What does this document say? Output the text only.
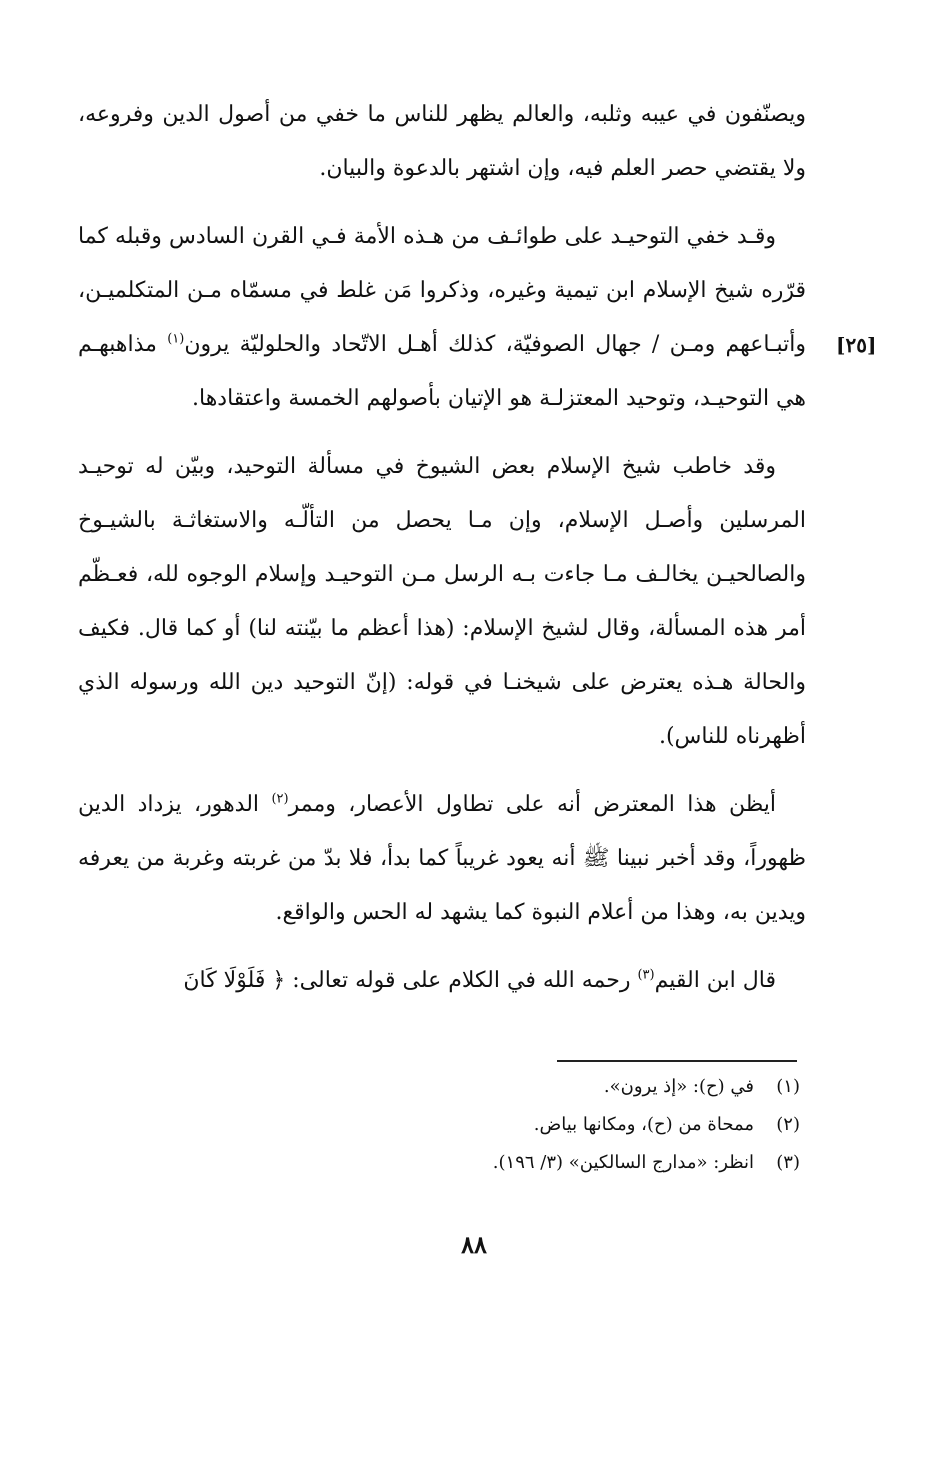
ويصنّفون في عيبه وثلبه، والعالم يظهر للناس ما خفي من أصول الدين وفروعه، ولا يقتضي حصر العلم فيه، وإن اشتهر بالدعوة والبيان.

وقـد خفي التوحيـد على طوائـف من هـذه الأمة فـي القرن السادس وقبله كما قرّره شيخ الإسلام ابن تيمية وغيره، وذكروا مَن غلط في مسمّاه مـن المتكلميـن، وأتبـاعهم ومـن / جهال الصوفيّة، كذلك أهـل الاتّحاد والحلوليّة يرون$^{(١)}$ مذاهبهـم هي التوحيـد، وتوحيد المعتزلـة هو الإتيان بأصولهم الخمسة واعتقادها.
[٢٥]

وقد خاطب شيخ الإسلام بعض الشيوخ في مسألة التوحيد، وبيّن له توحيـد المرسلين وأصـل الإسلام، وإن مـا يحصل من التألّـه والاستغاثـة بالشيـوخ والصالحيـن يخالـف مـا جاءت بـه الرسل مـن التوحيـد وإسلام الوجوه لله، فعـظّم أمر هذه المسألة، وقال لشيخ الإسلام: (هذا أعظم ما بيّنته لنا) أو كما قال. فكيف والحالة هـذه يعترض على شيخنـا في قوله: (إنّ التوحيد دين الله ورسوله الذي أظهرناه للناس).

أيظن هذا المعترض أنه على تطاول الأعصار، وممر$^{(٢)}$ الدهور، يزداد الدين ظهوراً، وقد أخبر نبينا ﷺ أنه يعود غريباً كما بدأ، فلا بدّ من غربته وغربة من يعرفه ويدين به، وهذا من أعلام النبوة كما يشهد له الحس والواقع.

قال ابن القيم$^{(٣)}$ رحمه الله في الكلام على قوله تعالى: ﴿ فَلَوْلَا كَانَ

(١)
في (ح): «إذ يرون».
(٢)
ممحاة من (ح)، ومكانها بياض.
(٣)
انظر: «مدارج السالكين» (٣/ ١٩٦).
٨٨
